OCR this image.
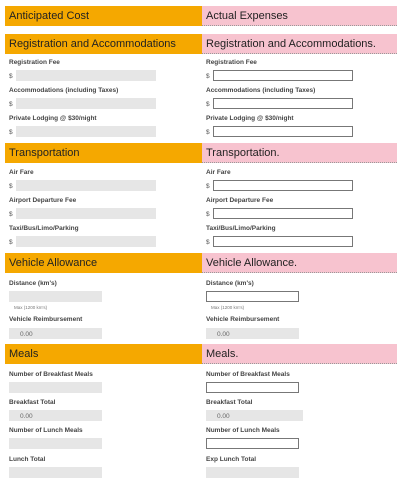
Anticipated Cost
Registration and Accommodations
Registration Fee
$
Accommodations (including Taxes)
$
Private Lodging @ $30/night
$
Transportation
Air Fare
$
Airport Departure Fee
$
Taxi/Bus/Limo/Parking
$
Vehicle Allowance
Distance (km's)
Max (1200 km's)
Vehicle Reimbursement
0.00
Meals
Number of Breakfast Meals
Breakfast Total
0.00
Number of Lunch Meals
Lunch Total
Actual Expenses
Registration and Accommodations.
Registration Fee
$
Accommodations (including Taxes)
$
Private Lodging @ $30/night
$
Transportation.
Air Fare
$
Airport Departure Fee
$
Taxi/Bus/Limo/Parking
$
Vehicle Allowance.
Distance (km's)
Max (1200 km's)
Vehicle Reimbursement
0.00
Meals.
Number of Breakfast Meals
Breakfast Total
0.00
Number of Lunch Meals
Exp Lunch Total
